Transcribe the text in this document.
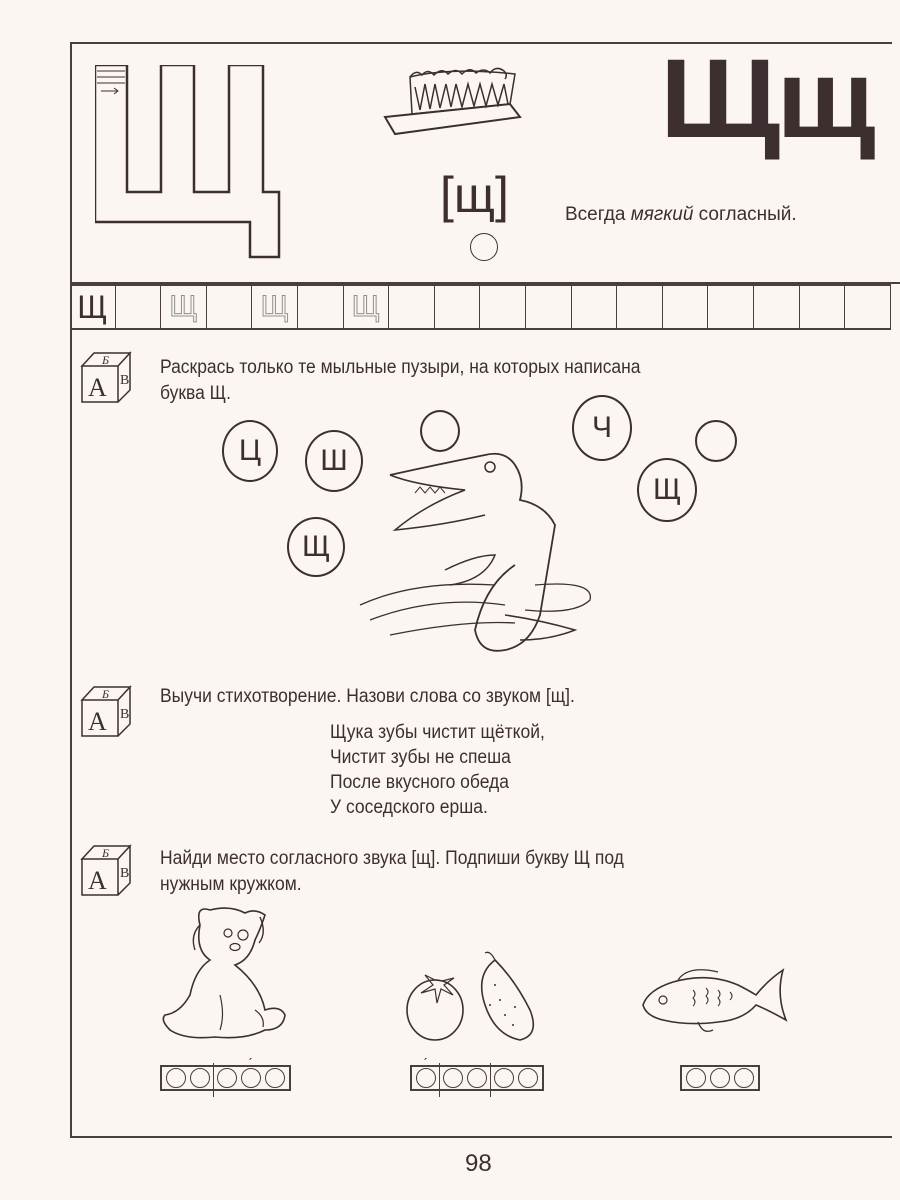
Щщ
[щ]	Всегда мягкий согласный.
Щ Щ Щ Щ
А
Б
В
Раскрась только те мыльные пузыри, на которых написана
буква Щ.
Ц	Ш
Ч
Щ
Щ
А
Б
В
Выучи стихотворение. Назови слова со звуком [щ].
Щука зубы чистит щёткой,
Чистит зубы не спеша
После вкусного обеда
У соседского ерша.
А
Б
В
Найди место согласного звука [щ]. Подпиши букву Щ под
нужным кружком.
ˊ	ˊ
98
